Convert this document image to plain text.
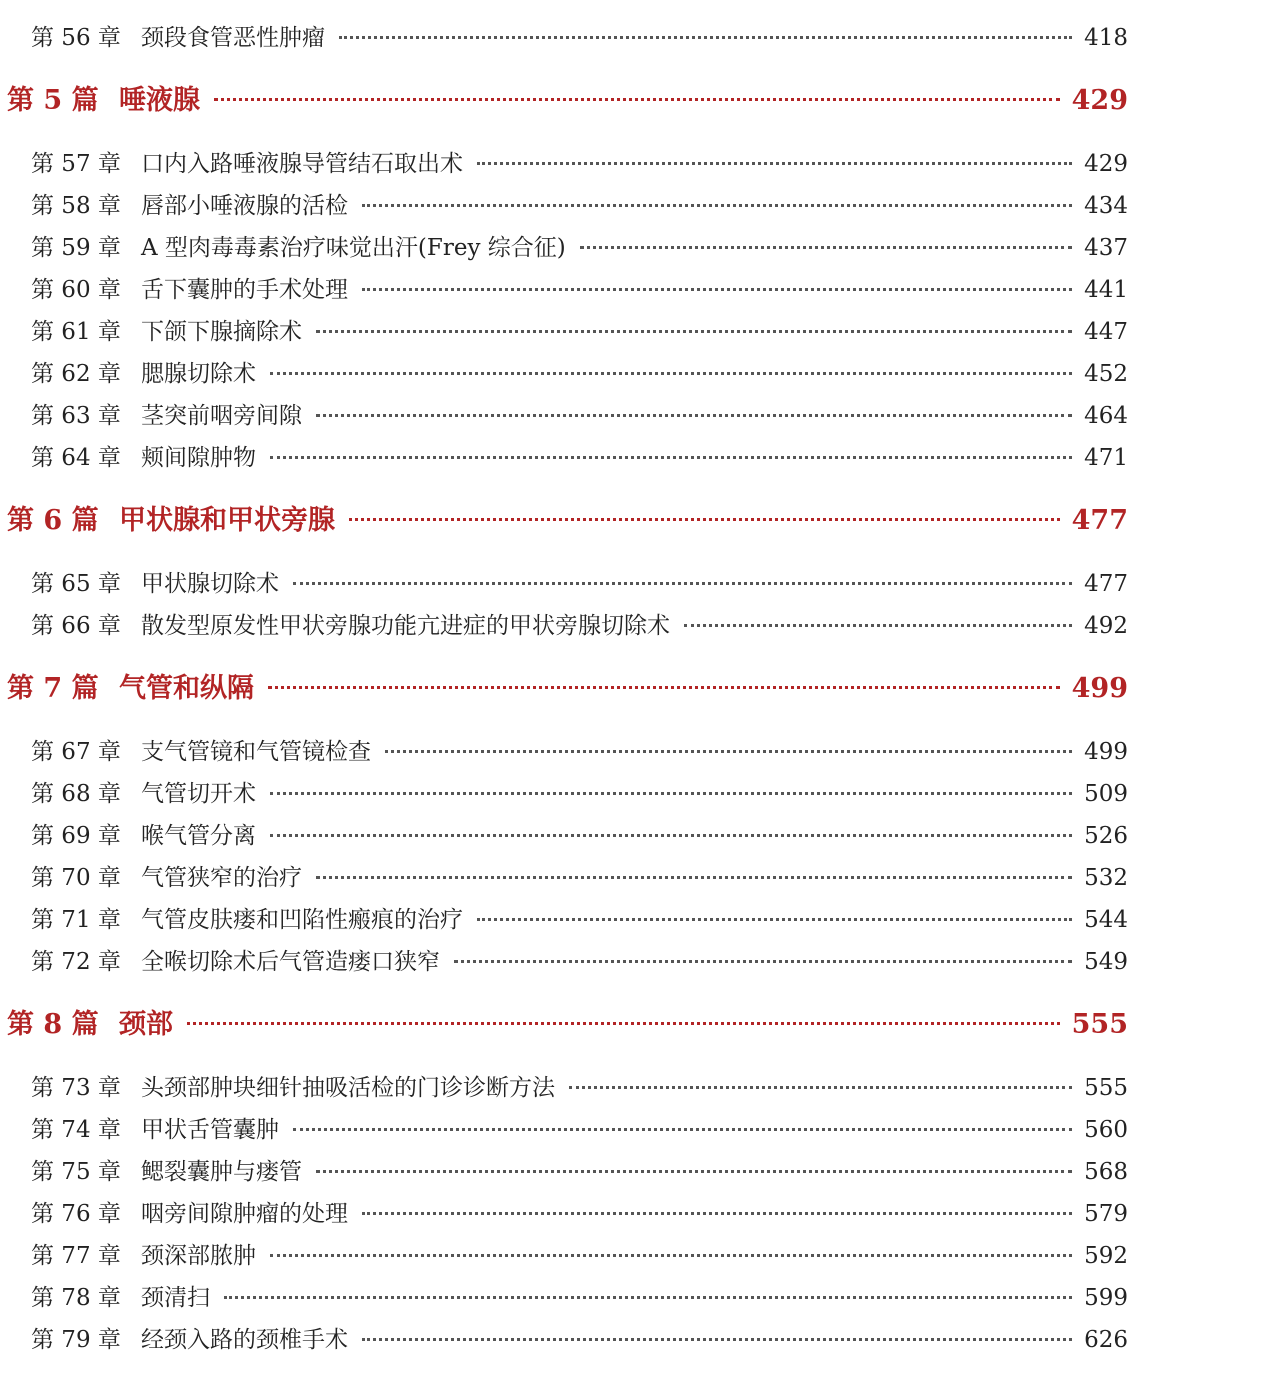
第 56 章 颈段食管恶性肿瘤	418
第 5 篇 唾液腺	429
第 57 章 口内入路唾液腺导管结石取出术	429
第 58 章 唇部小唾液腺的活检	434
第 59 章 A 型肉毒毒素治疗味觉出汗(Frey 综合征)	437
第 60 章 舌下囊肿的手术处理	441
第 61 章 下颌下腺摘除术	447
第 62 章 腮腺切除术	452
第 63 章 茎突前咽旁间隙	464
第 64 章 颊间隙肿物	471
第 6 篇 甲状腺和甲状旁腺	477
第 65 章 甲状腺切除术	477
第 66 章 散发型原发性甲状旁腺功能亢进症的甲状旁腺切除术	492
第 7 篇 气管和纵隔	499
第 67 章 支气管镜和气管镜检查	499
第 68 章 气管切开术	509
第 69 章 喉气管分离	526
第 70 章 气管狭窄的治疗	532
第 71 章 气管皮肤瘘和凹陷性瘢痕的治疗	544
第 72 章 全喉切除术后气管造瘘口狭窄	549
第 8 篇 颈部	555
第 73 章 头颈部肿块细针抽吸活检的门诊诊断方法	555
第 74 章 甲状舌管囊肿	560
第 75 章 鳃裂囊肿与瘘管	568
第 76 章 咽旁间隙肿瘤的处理	579
第 77 章 颈深部脓肿	592
第 78 章 颈清扫	599
第 79 章 经颈入路的颈椎手术	626
